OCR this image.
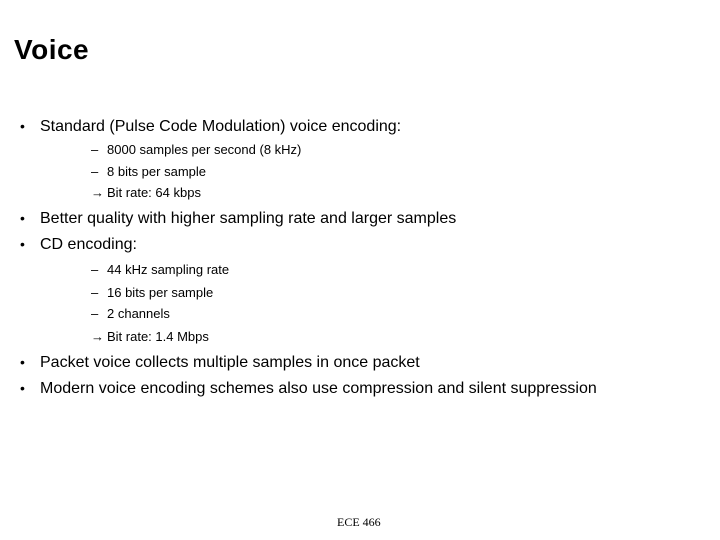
Voice
• Standard (Pulse Code Modulation) voice encoding:
– 8000 samples per second (8 kHz)
– 8 bits per sample
→ Bit rate: 64 kbps
• Better quality with higher sampling rate and larger samples
• CD encoding:
– 44 kHz sampling rate
– 16 bits per sample
– 2 channels
→ Bit rate: 1.4 Mbps
• Packet voice collects multiple samples in once packet
• Modern voice encoding schemes also use compression and silent suppression
ECE 466
